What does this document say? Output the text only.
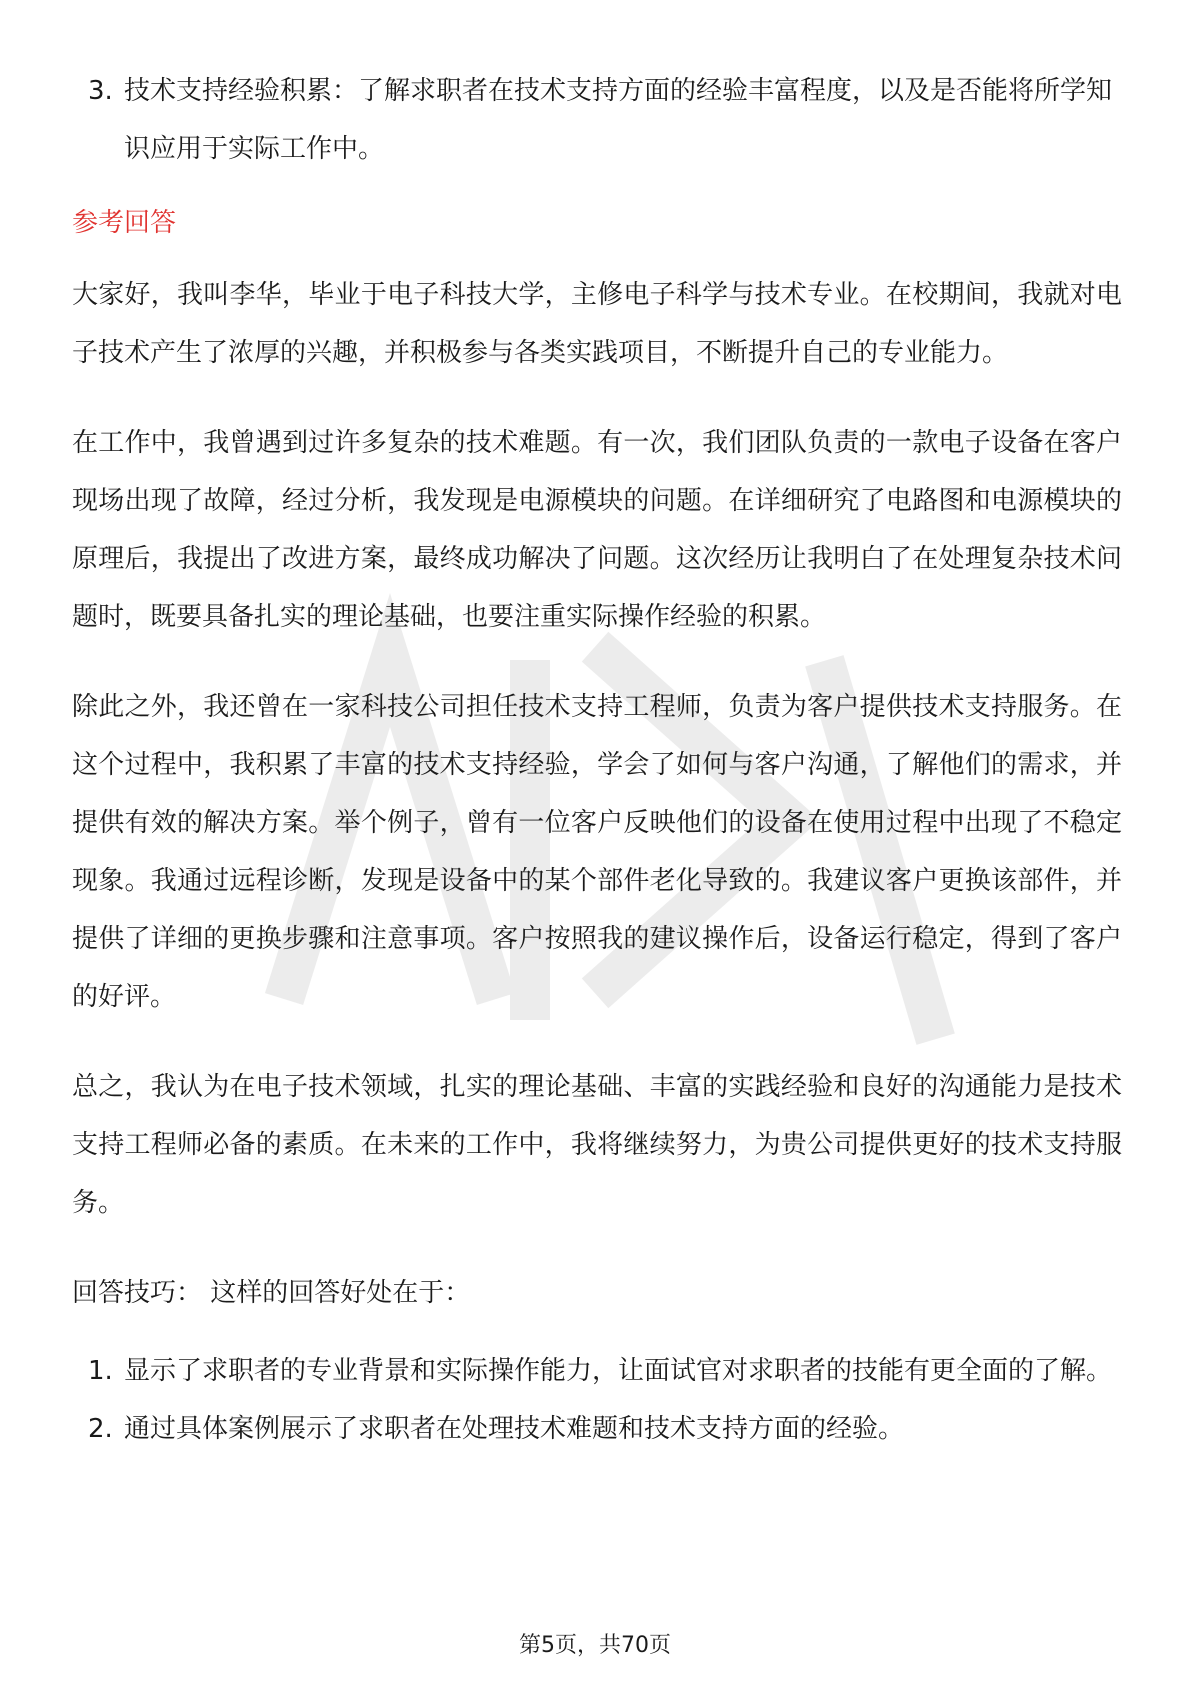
3. 技术支持经验积累：了解求职者在技术支持方面的经验丰富程度，以及是否能将所学知识应用于实际工作中。
参考回答

大家好，我叫李华，毕业于电子科技大学，主修电子科学与技术专业。在校期间，我就对电子技术产生了浓厚的兴趣，并积极参与各类实践项目，不断提升自己的专业能力。

在工作中，我曾遇到过许多复杂的技术难题。有一次，我们团队负责的一款电子设备在客户现场出现了故障，经过分析，我发现是电源模块的问题。在详细研究了电路图和电源模块的原理后，我提出了改进方案，最终成功解决了问题。这次经历让我明白了在处理复杂技术问题时，既要具备扎实的理论基础，也要注重实际操作经验的积累。

除此之外，我还曾在一家科技公司担任技术支持工程师，负责为客户提供技术支持服务。在这个过程中，我积累了丰富的技术支持经验，学会了如何与客户沟通，了解他们的需求，并提供有效的解决方案。举个例子，曾有一位客户反映他们的设备在使用过程中出现了不稳定现象。我通过远程诊断，发现是设备中的某个部件老化导致的。我建议客户更换该部件，并提供了详细的更换步骤和注意事项。客户按照我的建议操作后，设备运行稳定，得到了客户的好评。

总之，我认为在电子技术领域，扎实的理论基础、丰富的实践经验和良好的沟通能力是技术支持工程师必备的素质。在未来的工作中，我将继续努力，为贵公司提供更好的技术支持服务。

回答技巧： 这样的回答好处在于：
1. 显示了求职者的专业背景和实际操作能力，让面试官对求职者的技能有更全面的了解。
2. 通过具体案例展示了求职者在处理技术难题和技术支持方面的经验。
第5页，共70页
